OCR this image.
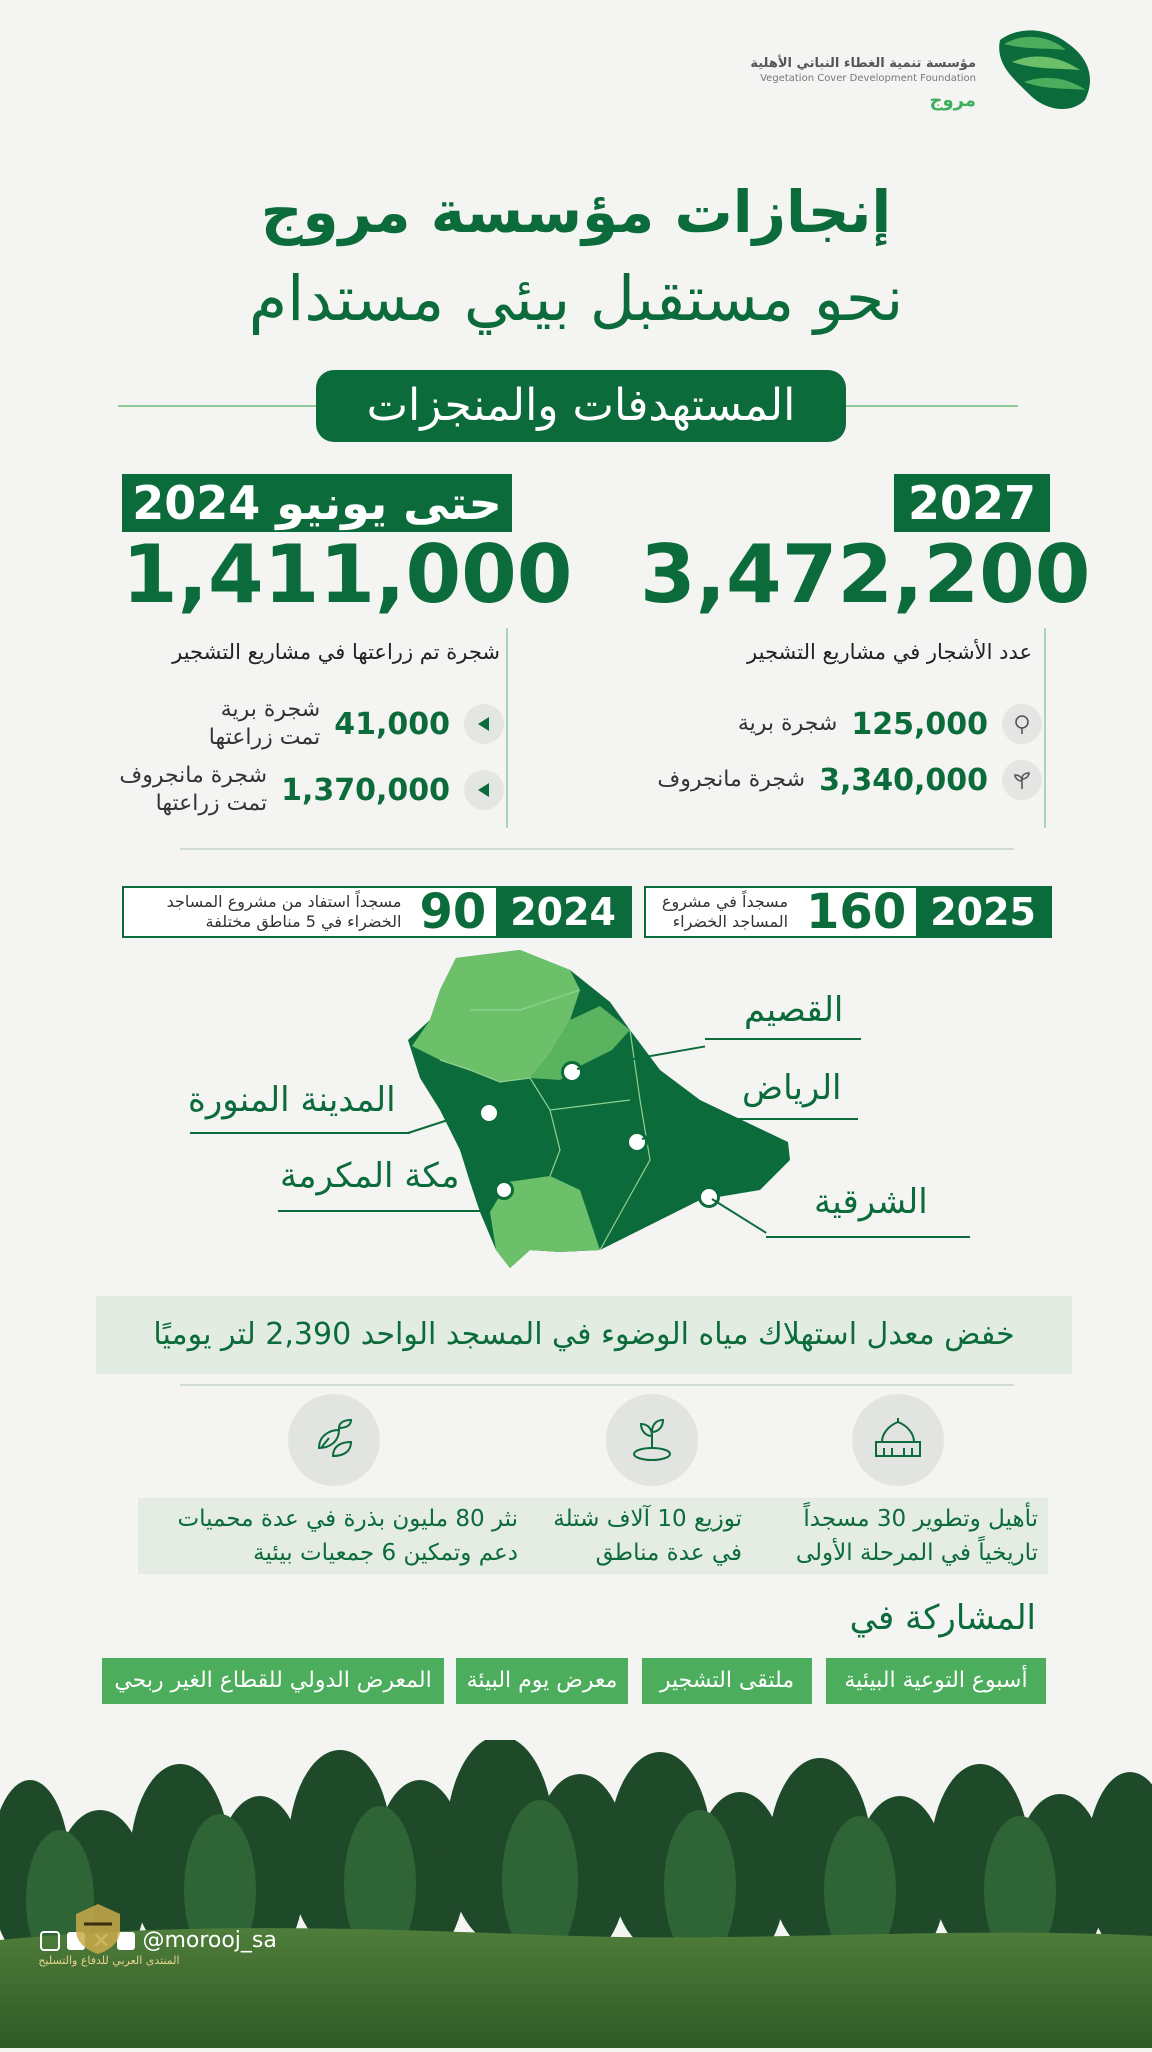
مؤسسة تنمية الغطاء النباتي الأهلية
Vegetation Cover Development Foundation
مروج
إنجازات مؤسسة مروج
نحو مستقبل بيئي مستدام
المستهدفات والمنجزات
2027
3,472,200
عدد الأشجار في مشاريع التشجير
125,000
شجرة برية
3,340,000
شجرة مانجروف
حتى يونيو 2024
1,411,000
شجرة تم زراعتها في مشاريع التشجير
41,000
شجرة برية
تمت زراعتها
1,370,000
شجرة مانجروف
تمت زراعتها
2025
160
مسجداً في مشروع
المساجد الخضراء
2024
90
مسجداً استفاد من مشروع المساجد
الخضراء في 5 مناطق مختلفة
القصيم
الرياض
المدينة المنورة
مكة المكرمة
الشرقية
خفض معدل استهلاك مياه الوضوء في المسجد الواحد 2,390 لتر يوميًا
تأهيل وتطوير 30 مسجداً
تاريخياً في المرحلة الأولى
توزيع 10 آلاف شتلة
في عدة مناطق
نثر 80 مليون بذرة في عدة محميات
دعم وتمكين 6 جمعيات بيئية
المشاركة في
أسبوع التوعية البيئية
ملتقى التشجير
معرض يوم البيئة
المعرض الدولي للقطاع الغير ربحي
@morooj_sa
المنتدى العربي للدفاع والتسليح
